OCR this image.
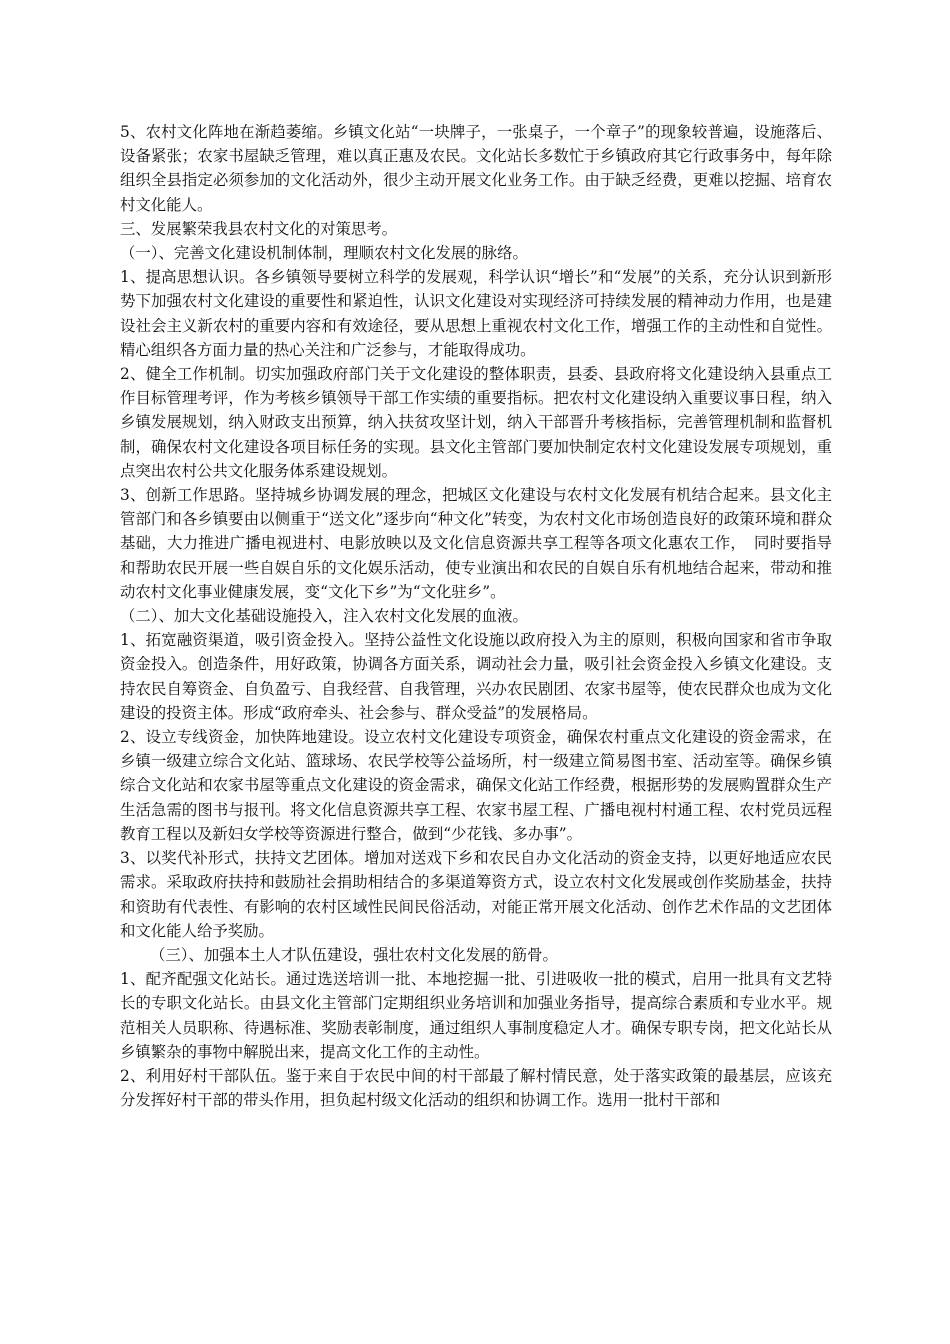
5、农村文化阵地在渐趋萎缩。乡镇文化站“一块牌子，一张桌子，一个章子”的现象较普遍，设施落后、设备紧张；农家书屋缺乏管理，难以真正惠及农民。文化站长多数忙于乡镇政府其它行政事务中，每年除组织全县指定必须参加的文化活动外，很少主动开展文化业务工作。由于缺乏经费，更难以挖掘、培育农村文化能人。

三、发展繁荣我县农村文化的对策思考。

（一）、完善文化建设机制体制，理顺农村文化发展的脉络。

1、提高思想认识。各乡镇领导要树立科学的发展观，科学认识“增长”和“发展”的关系，充分认识到新形势下加强农村文化建设的重要性和紧迫性，认识文化建设对实现经济可持续发展的精神动力作用，也是建设社会主义新农村的重要内容和有效途径，要从思想上重视农村文化工作，增强工作的主动性和自觉性。精心组织各方面力量的热心关注和广泛参与，才能取得成功。

2、健全工作机制。切实加强政府部门关于文化建设的整体职责，县委、县政府将文化建设纳入县重点工作目标管理考评，作为考核乡镇领导干部工作实绩的重要指标。把农村文化建设纳入重要议事日程，纳入乡镇发展规划，纳入财政支出预算，纳入扶贫攻坚计划，纳入干部晋升考核指标，完善管理机制和监督机制，确保农村文化建设各项目标任务的实现。县文化主管部门要加快制定农村文化建设发展专项规划，重点突出农村公共文化服务体系建设规划。

3、创新工作思路。坚持城乡协调发展的理念，把城区文化建设与农村文化发展有机结合起来。县文化主管部门和各乡镇要由以侧重于“送文化”逐步向“种文化”转变，为农村文化市场创造良好的政策环境和群众基础，大力推进广播电视进村、电影放映以及文化信息资源共享工程等各项文化惠农工作，　同时要指导和帮助农民开展一些自娱自乐的文化娱乐活动，使专业演出和农民的自娱自乐有机地结合起来，带动和推动农村文化事业健康发展，变“文化下乡”为“文化驻乡”。

（二）、加大文化基础设施投入，注入农村文化发展的血液。

1、拓宽融资渠道，吸引资金投入。坚持公益性文化设施以政府投入为主的原则，积极向国家和省市争取资金投入。创造条件，用好政策，协调各方面关系，调动社会力量，吸引社会资金投入乡镇文化建设。支持农民自筹资金、自负盈亏、自我经营、自我管理，兴办农民剧团、农家书屋等，使农民群众也成为文化建设的投资主体。形成“政府牵头、社会参与、群众受益”的发展格局。

2、设立专线资金，加快阵地建设。设立农村文化建设专项资金，确保农村重点文化建设的资金需求，在乡镇一级建立综合文化站、篮球场、农民学校等公益场所，村一级建立简易图书室、活动室等。确保乡镇综合文化站和农家书屋等重点文化建设的资金需求，确保文化站工作经费，根据形势的发展购置群众生产生活急需的图书与报刊。将文化信息资源共享工程、农家书屋工程、广播电视村村通工程、农村党员远程教育工程以及新妇女学校等资源进行整合，做到“少花钱、多办事”。

3、以奖代补形式，扶持文艺团体。增加对送戏下乡和农民自办文化活动的资金支持，以更好地适应农民需求。采取政府扶持和鼓励社会捐助相结合的多渠道筹资方式，设立农村文化发展或创作奖励基金，扶持和资助有代表性、有影响的农村区域性民间民俗活动，对能正常开展文化活动、创作艺术作品的文艺团体和文化能人给予奖励。

（三）、加强本土人才队伍建设，强壮农村文化发展的筋骨。

1、配齐配强文化站长。通过选送培训一批、本地挖掘一批、引进吸收一批的模式，启用一批具有文艺特长的专职文化站长。由县文化主管部门定期组织业务培训和加强业务指导，提高综合素质和专业水平。规范相关人员职称、待遇标准、奖励表彰制度，通过组织人事制度稳定人才。确保专职专岗，把文化站长从乡镇繁杂的事物中解脱出来，提高文化工作的主动性。

2、利用好村干部队伍。鉴于来自于农民中间的村干部最了解村情民意，处于落实政策的最基层，应该充分发挥好村干部的带头作用，担负起村级文化活动的组织和协调工作。选用一批村干部和
